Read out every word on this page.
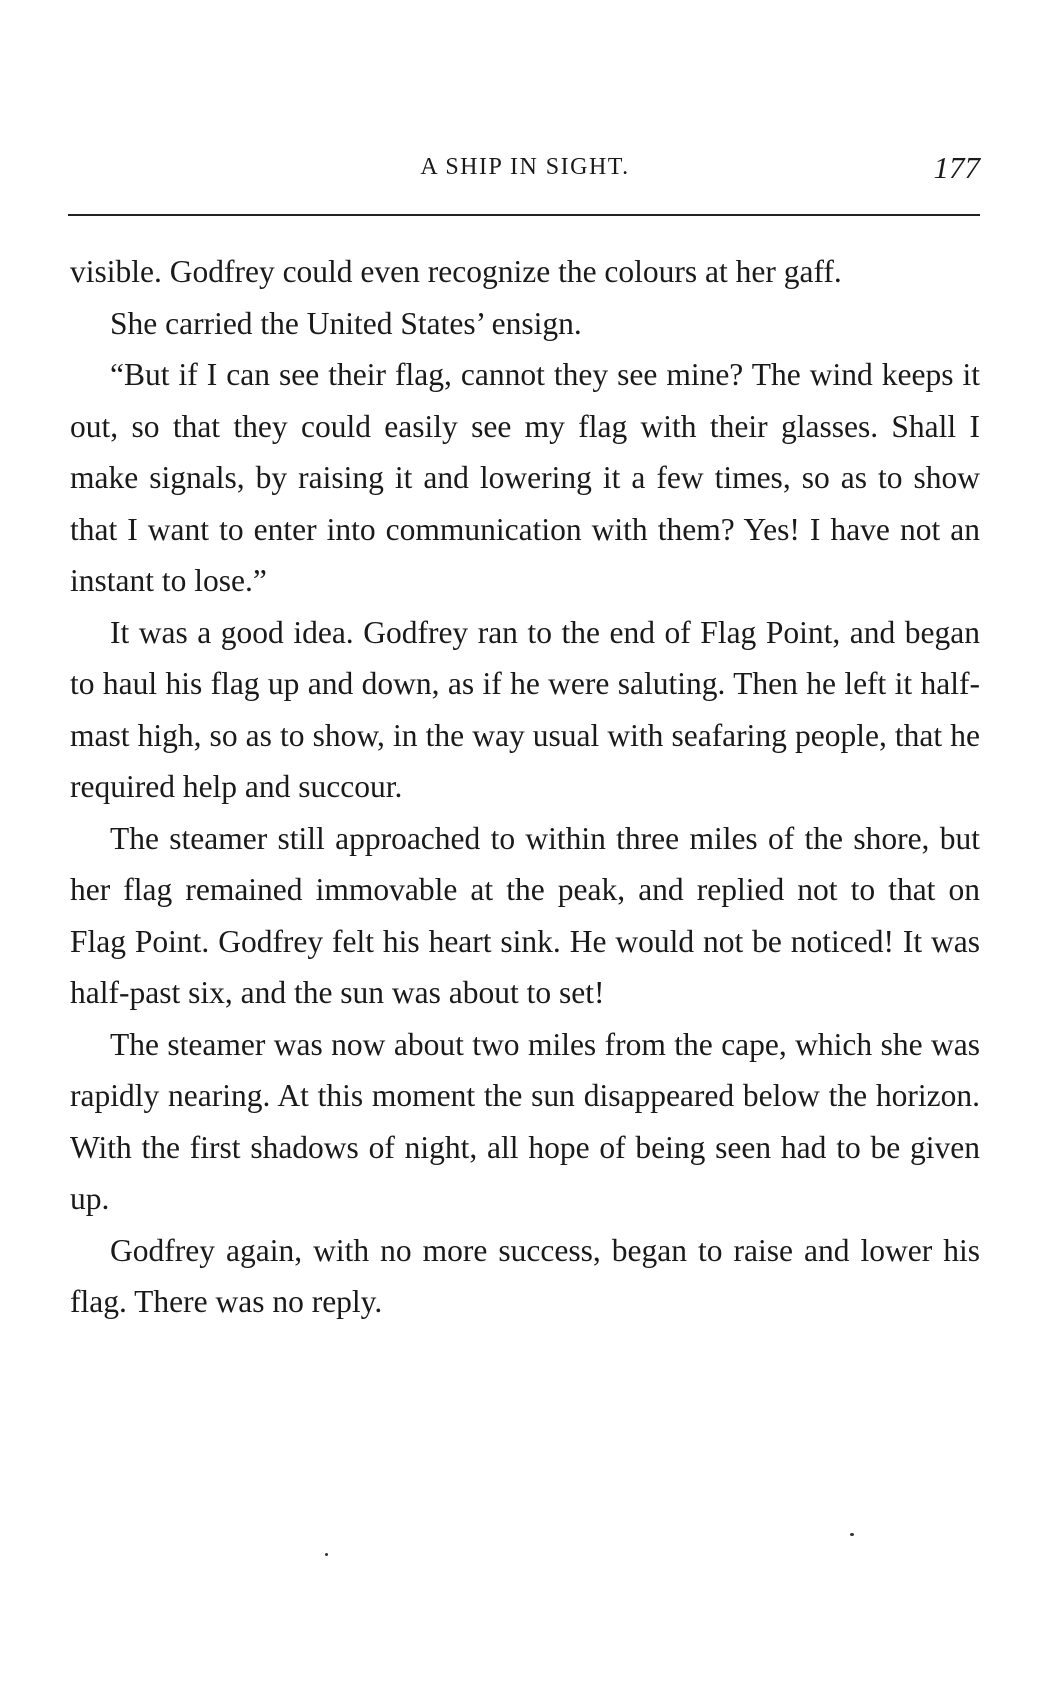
A SHIP IN SIGHT.	177

visible. Godfrey could even recognize the colours at her gaff.

She carried the United States’ ensign.

“But if I can see their flag, cannot they see mine? The wind keeps it out, so that they could easily see my flag with their glasses. Shall I make signals, by raising it and lowering it a few times, so as to show that I want to enter into communication with them? Yes! I have not an instant to lose.”

It was a good idea. Godfrey ran to the end of Flag Point, and began to haul his flag up and down, as if he were saluting. Then he left it half-mast high, so as to show, in the way usual with seafaring people, that he required help and succour.

The steamer still approached to within three miles of the shore, but her flag remained immovable at the peak, and replied not to that on Flag Point. Godfrey felt his heart sink. He would not be noticed! It was half-past six, and the sun was about to set!

The steamer was now about two miles from the cape, which she was rapidly nearing. At this moment the sun disappeared below the horizon. With the first shadows of night, all hope of being seen had to be given up.

Godfrey again, with no more success, began to raise and lower his flag. There was no reply.
